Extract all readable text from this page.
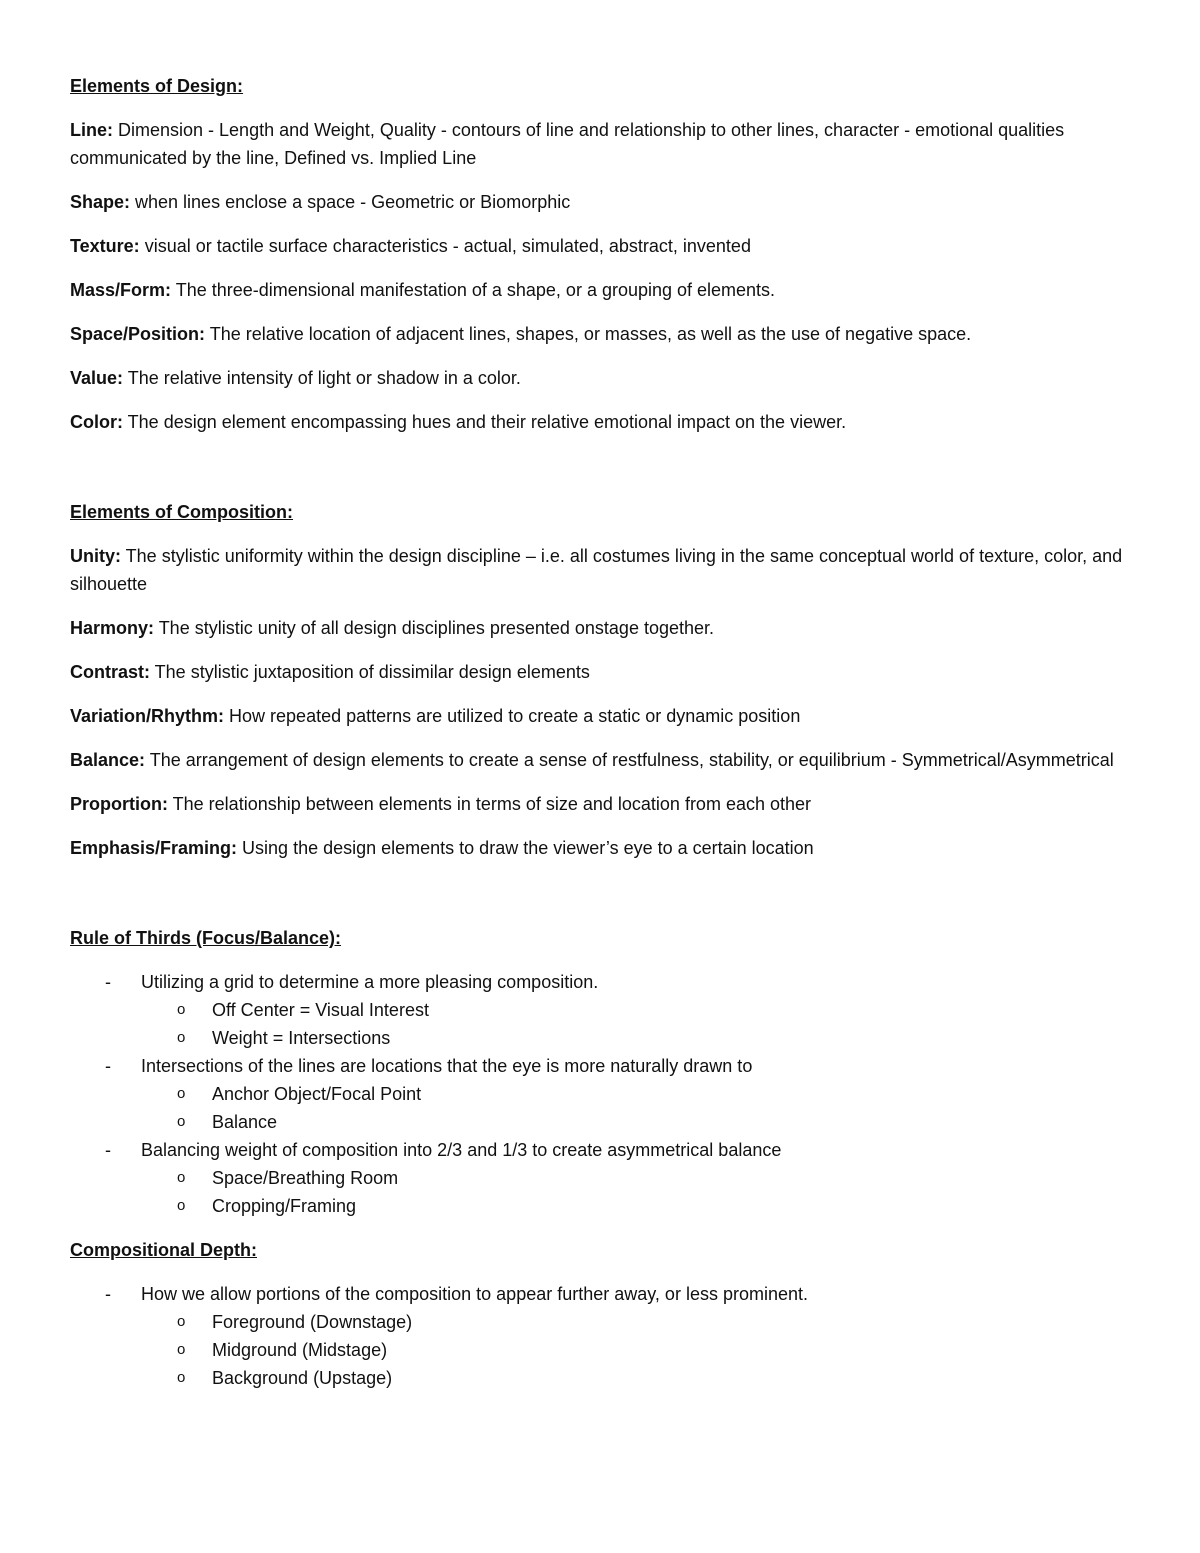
Elements of Design:

Line: Dimension - Length and Weight, Quality - contours of line and relationship to other lines, character - emotional qualities communicated by the line, Defined vs. Implied Line

Shape: when lines enclose a space - Geometric or Biomorphic

Texture: visual or tactile surface characteristics - actual, simulated, abstract, invented

Mass/Form: The three-dimensional manifestation of a shape, or a grouping of elements.

Space/Position: The relative location of adjacent lines, shapes, or masses, as well as the use of negative space.

Value: The relative intensity of light or shadow in a color.

Color: The design element encompassing hues and their relative emotional impact on the viewer.

Elements of Composition:

Unity: The stylistic uniformity within the design discipline – i.e. all costumes living in the same conceptual world of texture, color, and silhouette

Harmony: The stylistic unity of all design disciplines presented onstage together.

Contrast: The stylistic juxtaposition of dissimilar design elements

Variation/Rhythm: How repeated patterns are utilized to create a static or dynamic position

Balance: The arrangement of design elements to create a sense of restfulness, stability, or equilibrium - Symmetrical/Asymmetrical

Proportion: The relationship between elements in terms of size and location from each other

Emphasis/Framing: Using the design elements to draw the viewer’s eye to a certain location

Rule of Thirds (Focus/Balance):
- Utilizing a grid to determine a more pleasing composition.
o Off Center = Visual Interest
o Weight = Intersections
- Intersections of the lines are locations that the eye is more naturally drawn to
o Anchor Object/Focal Point
o Balance
- Balancing weight of composition into 2/3 and 1/3 to create asymmetrical balance
o Space/Breathing Room
o Cropping/Framing
Compositional Depth:
- How we allow portions of the composition to appear further away, or less prominent.
o Foreground (Downstage)
o Midground (Midstage)
o Background (Upstage)
